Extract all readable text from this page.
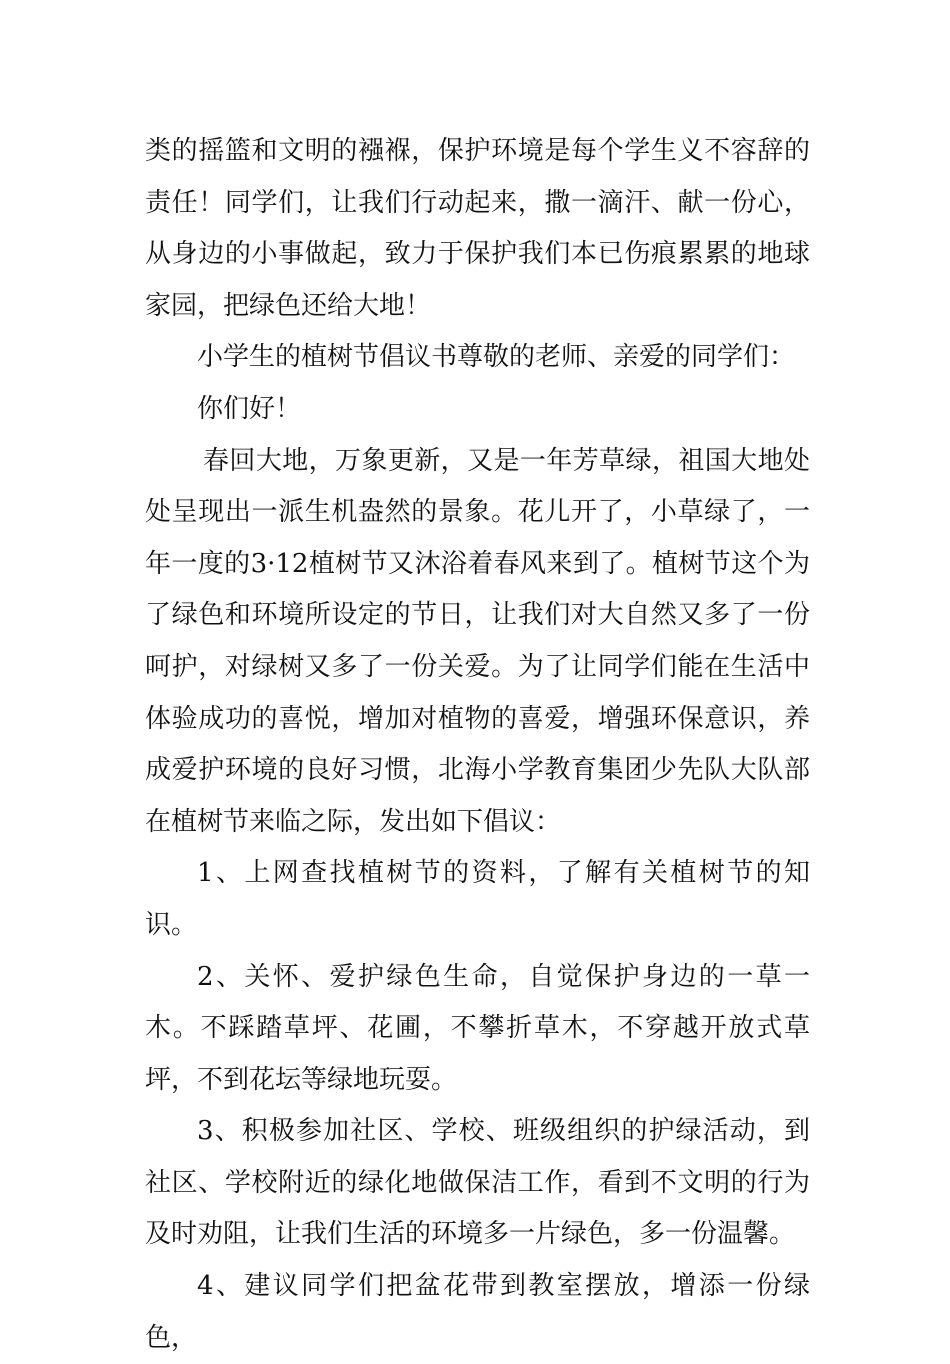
类的摇篮和文明的襁褓，保护环境是每个学生义不容辞的责任！同学们，让我们行动起来，撒一滴汗、献一份心，从身边的小事做起，致力于保护我们本已伤痕累累的地球家园，把绿色还给大地！

小学生的植树节倡议书尊敬的老师、亲爱的同学们：

你们好！

春回大地，万象更新，又是一年芳草绿，祖国大地处处呈现出一派生机盎然的景象。花儿开了，小草绿了，一年一度的3·12植树节又沐浴着春风来到了。植树节这个为了绿色和环境所设定的节日，让我们对大自然又多了一份呵护，对绿树又多了一份关爱。为了让同学们能在生活中体验成功的喜悦，增加对植物的喜爱，增强环保意识，养成爱护环境的良好习惯，北海小学教育集团少先队大队部在植树节来临之际，发出如下倡议：

1、上网查找植树节的资料，了解有关植树节的知识。

2、关怀、爱护绿色生命，自觉保护身边的一草一木。不踩踏草坪、花圃，不攀折草木，不穿越开放式草坪，不到花坛等绿地玩耍。

3、积极参加社区、学校、班级组织的护绿活动，到社区、学校附近的绿化地做保洁工作，看到不文明的行为及时劝阻，让我们生活的环境多一片绿色，多一份温馨。

4、建议同学们把盆花带到教室摆放，增添一份绿色，
